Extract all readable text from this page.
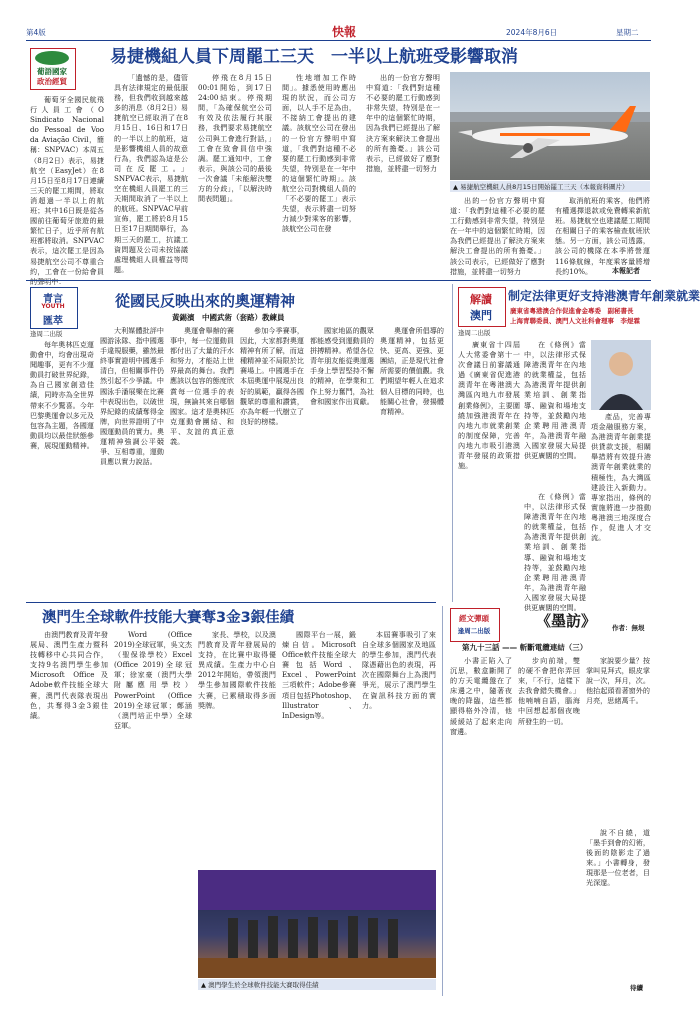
第4版	快報	2024年8月6日	星期二
葡語國家
政治經貿
易捷機組人員下周罷工三天　一半以上航班受影響取消

葡萄牙全國民航飛行人員工會（O Sindicato Nacional do Pessoal de Voo da Aviação Civil，簡稱：SNPVAC）本周五（8月2日）表示，易捷航空（EasyJet）在8月15日至8月17日連續三天的罷工期間，將取消超過一半以上的航班；其中16日既是從各國前往葡萄牙旅遊的最繁忙日子，近乎所有航班都將取消。SNPVAC表示，這次罷工是因為易捷航空公司不尊重合約，工會在一份給會員的聲明中：

「遺憾的是，儘管具有法律規定的最低服務，但我們收到越來越多的消息（8月2日）易捷航空已經取消了在8月15日、16日和17日的一半以上的航班，這是影響機組人員的故意行為，我們認為這是公司在反罷工。」SNPVAC表示，易捷航空在機組人員罷工的三天期間取消了一半以上的航班。SNPVAC早前宣佈，罷工將於8月15日至17日期間舉行，為期三天的罷工，抗議工資問題及公司未按協議處理機組人員權益等問題。

停飛在8月15日00:01開始，到17日24:00結束。停飛期間，「為確保航空公司有效及依法履行其服務，我們要求易捷航空公司與工會進行對話，」工會在致會員信中強調。罷工通知中，工會表示，與該公司的最後一次會議「未能解決雙方的分歧」，「以解決時間表問題」。

性地增加工作時間」。據悉使用時應出現的狀況，而公司方面，以人手不足為由，不接納工會提出的建議。該航空公司在發出的一份官方聲明中寫道，「我們對這種不必要的罷工行動感到非常失望，特別是在一年中的這個繁忙時期」。該航空公司對機組人員的「不必要的罷工」表示失望，表示將盡一切努力減少對乘客的影響，該航空公司在發

出的一份官方聲明中寫道：「我們對這種不必要的罷工行動感到非常失望，特別是在一年中的這個繁忙時期，因為我們已經提出了解決方案來解決工會提出的所有擔憂。」該公司表示，已經做好了應對措施，並將盡一切努力

▲ 易捷航空機組人員8月15日開始罷工三天（本報資料圖片）

出的一份官方聲明中寫道：「我們對這種不必要的罷工行動感到非常失望，特別是在一年中的這個繁忙時期，因為我們已經提出了解決方案來解決工會提出的所有擔憂。」該公司表示，已經做好了應對措施，並將盡一切努力

取消航班的乘客，他們將有權選擇退款或免費轉乘新航班。易捷航空也建議罷工期間在相關日子的乘客檢查航班狀態。另一方面，該公司透露，該公司的機隊在本季將營運116條航線，年度乘客量將增長約10%。	本報記者
青言
YOUTH
匯萃
逢周二出版
從國民反映出來的奧運精神
黃錫濱　中國武術（套路）教練員

每年奧林匹克運動會中，均會出現奇聞趣事，更有不少運動員打破世界紀錄，為自己國家創造佳績，同時亦為全世界帶來不少驚喜。今年巴黎奧運會以多元及包容為主題，各國運動員均以最佳狀態參賽，展現運動精神。

大利媒體批評中國游泳隊、指中國選手違規服藥，雖然最終事實證明中國選手清白，但相關事件仍然引起不少爭議。中國泳手潘展樂在比賽中表現出色，以破世界紀錄的成績奪得金牌，向世界證明了中國運動員的實力。奧運精神強調公平競爭、互相尊重，運動員應以實力說話。

奧運會舉辦的賽事中，每一位運動員都付出了大量的汗水和努力，才能站上世界最高的舞台。我們應該以包容的態度欣賞每一位選手的表現，無論其來自哪個國家。這才是奧林匹克運動會團結、和平、友誼的真正意義。

參加今季賽事，因此，大家都對奧運精神有所了解，而這種精神並不局限於比賽場上。中國選手在本屆奧運中展現出良好的風範，贏得各國觀眾的尊重和讚賞，亦為年輕一代樹立了良好的榜樣。

國家地區的觀眾都能感受到運動員的拼搏精神。希望各位青年朋友能從奧運選手身上學習堅持不懈的精神，在學業和工作上努力奮鬥，為社會和國家作出貢獻。

奧運會所倡導的奧運精神，包括更快、更高、更強、更團結，正是現代社會所需要的價值觀。我們期望年輕人在追求個人目標的同時，也能關心社會，發揚體育精神。

解讀
澳門
逢周二出版
制定法律更好支持港澳青年創業就業
廣東省粵港澳合作促進會金專委　副秘書長
上海青聯委員、澳門人文社科會理事　李煜霖

廣東省十四屆人大常委會第十一次會議日前審議通過《廣東省促進港澳青年在粵港澳大灣區內地九市發展創業條例》，主要圍繞加強港澳青年在內地九市就業創業的制度保障，完善內地九市吸引港澳青年發展的政策措施。

在《條例》當中，以法律形式保障港澳青年在內地的就業權益，包括為港澳青年提供創業培訓、創業指導、融資和場地支持等，並鼓勵內地企業聘用港澳青年，為港澳青年融入國家發展大局提供更廣闊的空間。

產品，完善專項金融服務方案，為港澳青年創業提供貸款支援，相關舉措將有效提升港澳青年創業就業的積極性，為大灣區建設注入新動力。專家指出，條例的實施將進一步推動粵港澳三地深度合作，促進人才交流。

在《條例》當中，以法律形式保障港澳青年在內地的就業權益，包括為港澳青年提供創業培訓、創業指導、融資和場地支持等，並鼓勵內地企業聘用港澳青年，為港澳青年融入國家發展大局提供更廣闊的空間。

澳門生全球軟件技能大賽奪3金3銀佳績

由澳門教育及青年發展局、澳門生產力暨科技轉移中心共同合作，支持9名澳門學生參加Microsoft Office及Adobe軟件技能全球大賽，澳門代表隊表現出色，共奪得3金3銀佳績。

Word (Office 2019)全球冠軍，吳文杰（聖保祿學校）Excel (Office 2019)全球冠軍；徐家豪（澳門大學附屬應用學校）PowerPoint (Office 2019)全球冠軍；鄭涵（澳門培正中學）全球亞軍。

家長、學校，以及澳門教育及青年發展局的支持，在比賽中取得優異成績。生產力中心自2012年開始，帶領澳門學生參加國際軟件技能大賽，已累積取得多面獎牌。

國際平台一展，鍛煉自信。Microsoft Office軟件技能全球大賽包括Word、Excel、PowerPoint三項軟件；Adobe參賽項目包括Photoshop、Illustrator、InDesign等。

本屆賽事吸引了來自全球多個國家及地區的學生參加，澳門代表隊憑藉出色的表現，再次在國際舞台上為澳門爭光，展示了澳門學生在資訊科技方面的實力。

▲ 澳門學生於全球軟件技能大賽取得佳績
經文彈頭
逢周二出版
《墨訪》 作者：無垠
第九十三話 —— 斬斷電纜連結（三）

小書正陷入了沉思，數盒斷開了的方天電纜盤在了床邊之中，隨著夜晚的降臨，這些都顯得格外冷清，他緩緩站了起來走向窗邊。

步向前端，雙的硬不會把你弄回來，「不行，這樣下去我會錯失機會。」他喃喃自語，腦海中回想起那個夜晚所發生的一切。

家說要少量？按掌叫見拜式，眼皮掌說一次，拜月，次。他抬起頭看著窗外的月亮，思緒萬千。

說不自繞，道「墨手到會的幻術，後面的陰影走了過來。」小書轉身，發現那是一位老者，目光深邃。

待續
